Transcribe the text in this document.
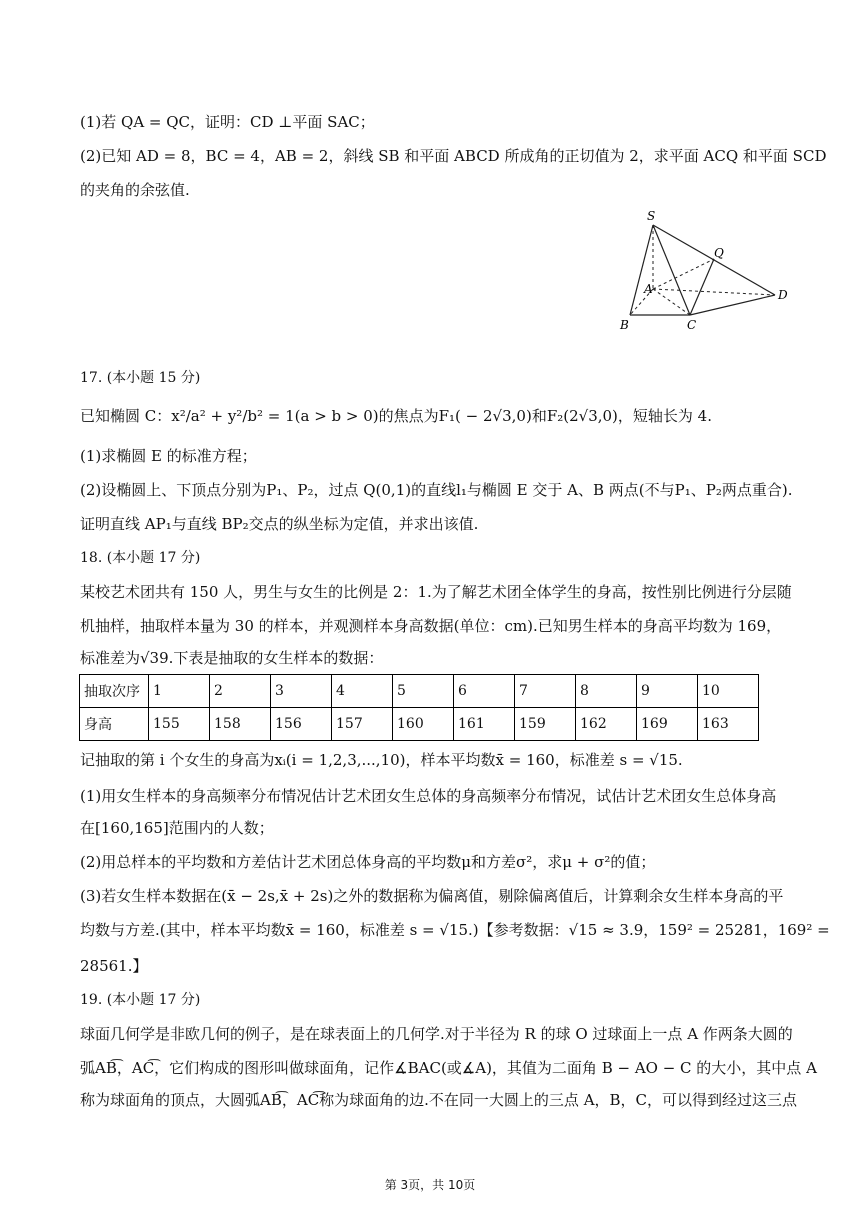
(1)若 QA = QC，证明：CD ⊥平面 SAC；
(2)已知 AD = 8，BC = 4，AB = 2，斜线 SB 和平面 ABCD 所成角的正切值为 2，求平面 ACQ 和平面 SCD
的夹角的余弦值.
S
Q
A	D
B	C
17. (本小题 15 分)
已知椭圆 C：x²/a² + y²/b² = 1(a > b > 0)的焦点为F₁( − 2√3,0)和F₂(2√3,0)，短轴长为 4.
(1)求椭圆 E 的标准方程；
(2)设椭圆上、下顶点分别为P₁、P₂，过点 Q(0,1)的直线l₁与椭圆 E 交于 A、B 两点(不与P₁、P₂两点重合).
证明直线 AP₁与直线 BP₂交点的纵坐标为定值，并求出该值.
18. (本小题 17 分)
某校艺术团共有 150 人，男生与女生的比例是 2：1.为了解艺术团全体学生的身高，按性别比例进行分层随
机抽样，抽取样本量为 30 的样本，并观测样本身高数据(单位：cm).已知男生样本的身高平均数为 169，
标准差为√39.下表是抽取的女生样本的数据：
抽取次序	1	2	3	4	5	6	7	8	9	10
身高	155	158	156	157	160	161	159	162	169	163
记抽取的第 i 个女生的身高为xᵢ(i = 1,2,3,...,10)，样本平均数x̄ = 160，标准差 s = √15.
(1)用女生样本的身高频率分布情况估计艺术团女生总体的身高频率分布情况，试估计艺术团女生总体身高
在[160,165]范围内的人数；
(2)用总样本的平均数和方差估计艺术团总体身高的平均数μ和方差σ²，求μ + σ²的值；
(3)若女生样本数据在(x̄ − 2s,x̄ + 2s)之外的数据称为偏离值，剔除偏离值后，计算剩余女生样本身高的平
均数与方差.(其中，样本平均数x̄ = 160，标准差 s = √15.)【参考数据：√15 ≈ 3.9，159² = 25281，169² =
28561.】
19. (本小题 17 分)
球面几何学是非欧几何的例子，是在球表面上的几何学.对于半径为 R 的球 O 过球面上一点 A 作两条大圆的
弧AB͡，AC͡，它们构成的图形叫做球面角，记作∡BAC(或∡A)，其值为二面角 B − AO − C 的大小，其中点 A
称为球面角的顶点，大圆弧AB͡，AC͡称为球面角的边.不在同一大圆上的三点 A，B，C，可以得到经过这三点
第 3页，共 10页
